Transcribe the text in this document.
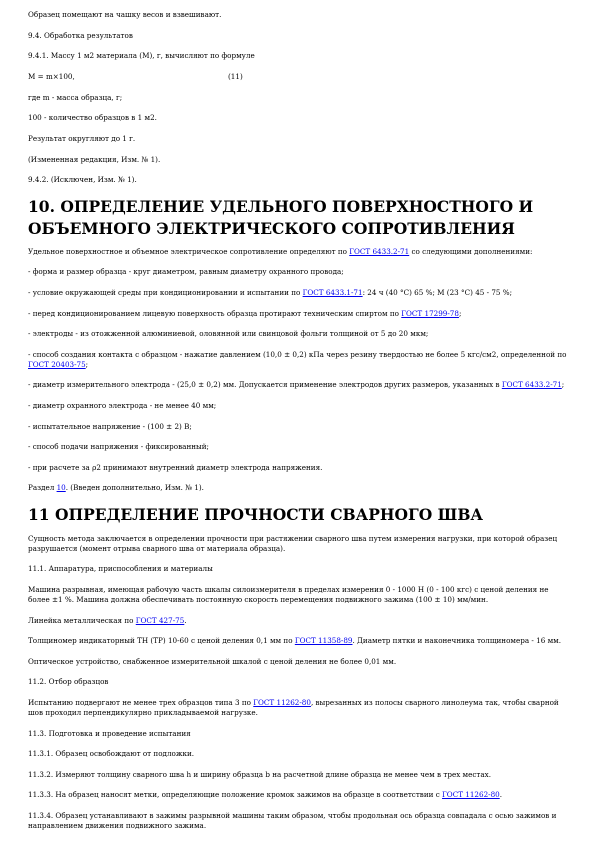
Образец помещают на чашку весов и взвешивают.

9.4. Обработка результатов

9.4.1. Массу 1 м2 материала (M), г, вычисляют по формуле

M = m×100,	(11)

где m - масса образца, г;

100 - количество образцов в 1 м2.

Результат округляют до 1 г.

(Измененная редакция, Изм. № 1).

9.4.2. (Исключен, Изм. № 1).

10. ОПРЕДЕЛЕНИЕ УДЕЛЬНОГО ПОВЕРХНОСТНОГО И ОБЪЕМНОГО ЭЛЕКТРИЧЕСКОГО СОПРОТИВЛЕНИЯ

Удельное поверхностное и объемное электрическое сопротивление определяют по ГОСТ 6433.2-71 со следующими дополнениями:

- форма и размер образца - круг диаметром, равным диаметру охранного провода;

- условие окружающей среды при кондиционировании и испытании по ГОСТ 6433.1-71: 24 ч (40 °С) 65 %; М (23 °С) 45 - 75 %;

- перед кондиционированием лицевую поверхность образца протирают техническим спиртом по ГОСТ 17299-78;

- электроды - из отожженной алюминиевой, оловянной или свинцовой фольги толщиной от 5 до 20 мкм;

- способ создания контакта с образцом - нажатие давлением (10,0 ± 0,2) кПа через резину твердостью не более 5 кгс/см2, определенной по ГОСТ 20403-75;

- диаметр измерительного электрода - (25,0 ± 0,2) мм. Допускается применение электродов других размеров, указанных в ГОСТ 6433.2-71;

- диаметр охранного электрода - не менее 40 мм;

- испытательное напряжение - (100 ± 2) В;

- способ подачи напряжения - фиксированный;

- при расчете за ρ2 принимают внутренний диаметр электрода напряжения.

Раздел 10. (Введен дополнительно, Изм. № 1).

11 ОПРЕДЕЛЕНИЕ ПРОЧНОСТИ СВАРНОГО ШВА

Сущность метода заключается в определении прочности при растяжении сварного шва путем измерения нагрузки, при которой образец разрушается (момент отрыва сварного шва от материала образца).

11.1. Аппаратура, приспособления и материалы

Машина разрывная, имеющая рабочую часть шкалы силоизмерителя в пределах измерения 0 - 1000 Н (0 - 100 кгс) с ценой деления не более ±1 %. Машина должна обеспечивать постоянную скорость перемещения подвижного зажима (100 ± 10) мм/мин.

Линейка металлическая по ГОСТ 427-75.

Толщиномер индикаторный ТН (ТР) 10-60 с ценой деления 0,1 мм по ГОСТ 11358-89. Диаметр пятки и наконечника толщиномера - 16 мм.

Оптическое устройство, снабженное измерительной шкалой с ценой деления не более 0,01 мм.

11.2. Отбор образцов

Испытанию подвергают не менее трех образцов типа 3 по ГОСТ 11262-80, вырезанных из полосы сварного линолеума так, чтобы сварной шов проходил перпендикулярно прикладываемой нагрузке.

11.3. Подготовка и проведение испытания

11.3.1. Образец освобождают от подложки.

11.3.2. Измеряют толщину сварного шва h и ширину образца b на расчетной длине образца не менее чем в трех местах.

11.3.3. На образец наносят метки, определяющие положение кромок зажимов на образце в соответствии с ГОСТ 11262-80.

11.3.4. Образец устанавливают в зажимы разрывной машины таким образом, чтобы продольная ось образца совпадала с осью зажимов и направлением движения подвижного зажима.
